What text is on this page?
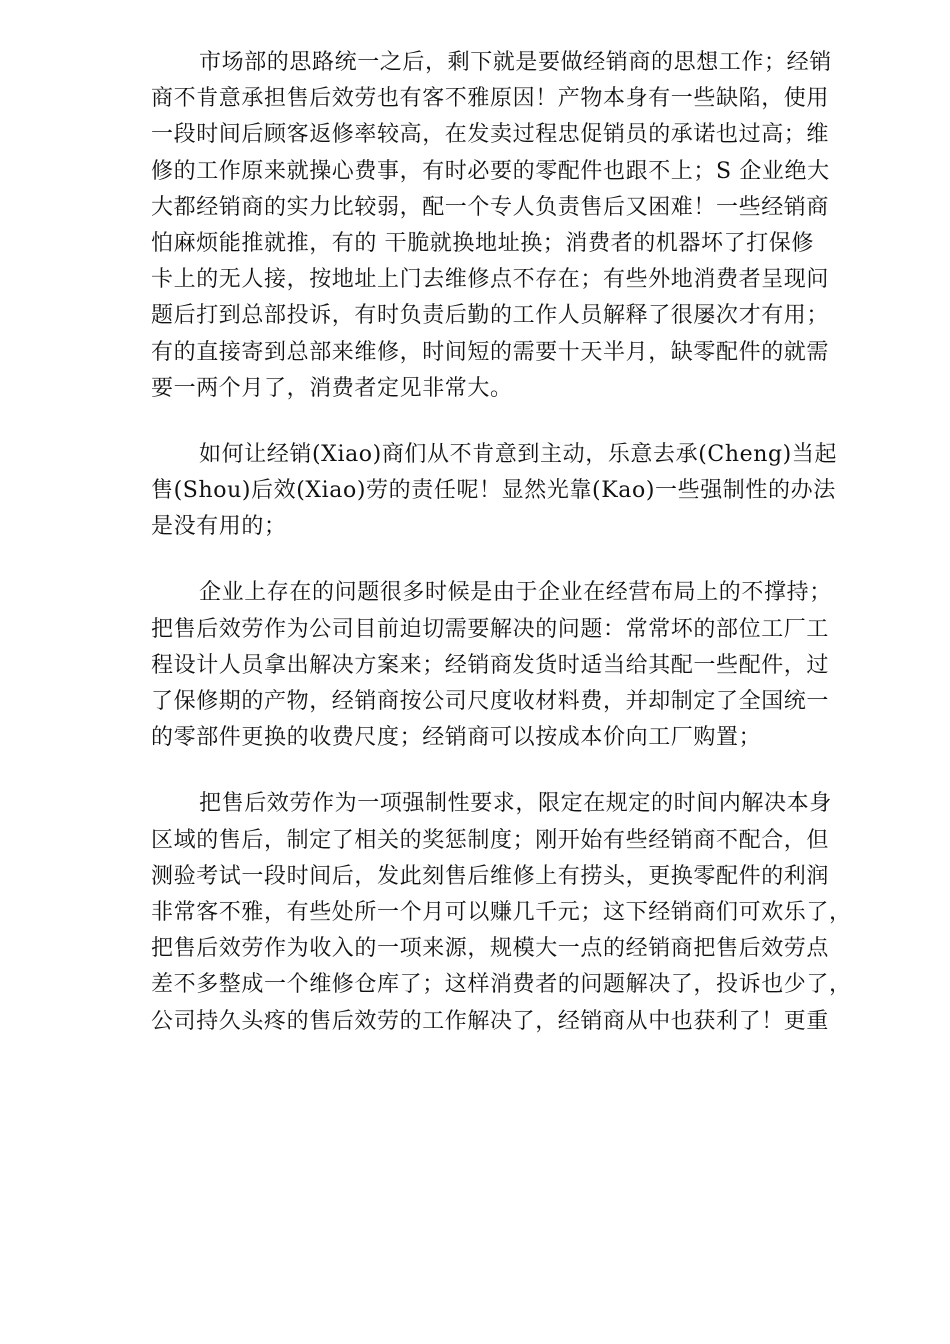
市场部的思路统一之后，剩下就是要做经销商的思想工作；经销
商不肯意承担售后效劳也有客不雅原因！产物本身有一些缺陷，使用
一段时间后顾客返修率较高，在发卖过程忠促销员的承诺也过高；维
修的工作原来就操心费事，有时必要的零配件也跟不上；S 企业绝大
大都经销商的实力比较弱，配一个专人负责售后又困难！一些经销商
怕麻烦能推就推，有的 干脆就换地址换；消费者的机器坏了打保修
卡上的无人接，按地址上门去维修点不存在；有些外地消费者呈现问
题后打到总部投诉，有时负责后勤的工作人员解释了很屡次才有用；
有的直接寄到总部来维修，时间短的需要十天半月，缺零配件的就需
要一两个月了，消费者定见非常大。

如何让经销(Xiao)商们从不肯意到主动，乐意去承(Cheng)当起
售(Shou)后效(Xiao)劳的责任呢！显然光靠(Kao)一些强制性的办法
是没有用的；

企业上存在的问题很多时候是由于企业在经营布局上的不撑持；
把售后效劳作为公司目前迫切需要解决的问题：常常坏的部位工厂工
程设计人员拿出解决方案来；经销商发货时适当给其配一些配件，过
了保修期的产物，经销商按公司尺度收材料费，并却制定了全国统一
的零部件更换的收费尺度；经销商可以按成本价向工厂购置；

把售后效劳作为一项强制性要求，限定在规定的时间内解决本身
区域的售后，制定了相关的奖惩制度；刚开始有些经销商不配合，但
测验考试一段时间后，发此刻售后维修上有捞头，更换零配件的利润
非常客不雅，有些处所一个月可以赚几千元；这下经销商们可欢乐了，
把售后效劳作为收入的一项来源，规模大一点的经销商把售后效劳点
差不多整成一个维修仓库了；这样消费者的问题解决了，投诉也少了，
公司持久头疼的售后效劳的工作解决了，经销商从中也获利了！更重
